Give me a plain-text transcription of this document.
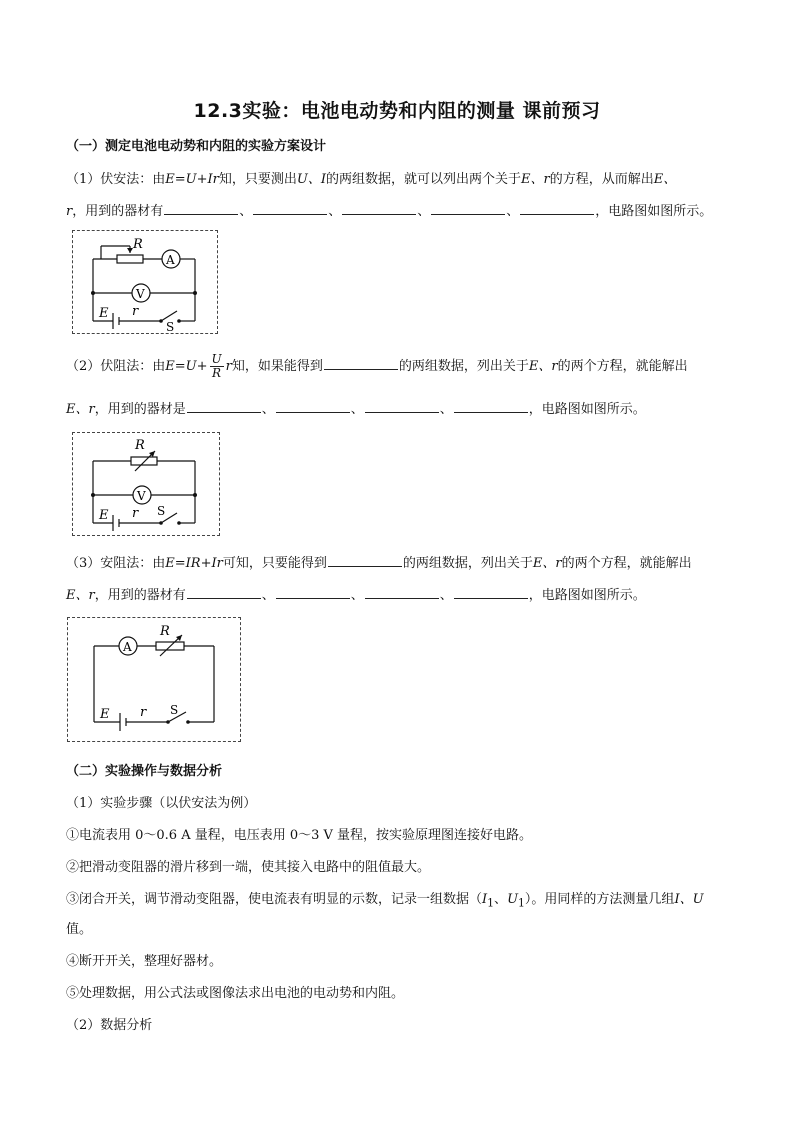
12.3实验：电池电动势和内阻的测量 课前预习
（一）测定电池电动势和内阻的实验方案设计
（1）伏安法：由E=U+Ir知，只要测出U、I的两组数据，就可以列出两个关于E、r的方程，从而解出E、
r，用到的器材有	、	、	、	、	，电路图如图所示。
R
A
V
E r
S
（2）伏阻法：由$E=U+ \frac{U}{R}$ r知，如果能得到	的两组数据，列出关于E、r的两个方程，就能解出
E、r，用到的器材是	、	、	、	，电路图如图所示。
R
V
E r S
（3）安阻法：由E=IR+Ir可知，只要能得到	的两组数据，列出关于E、r的两个方程，就能解出
E、r，用到的器材有	、	、	、	，电路图如图所示。
A
R
E r S
（二）实验操作与数据分析
（1）实验步骤（以伏安法为例）
①电流表用 0～0.6 A 量程，电压表用 0～3 V 量程，按实验原理图连接好电路。
②把滑动变阻器的滑片移到一端，使其接入电路中的阻值最大。
③闭合开关，调节滑动变阻器，使电流表有明显的示数，记录一组数据（$I_1$、$U_1$）。用同样的方法测量几组I、U
值。
④断开开关，整理好器材。
⑤处理数据，用公式法或图像法求出电池的电动势和内阻。
（2）数据分析
